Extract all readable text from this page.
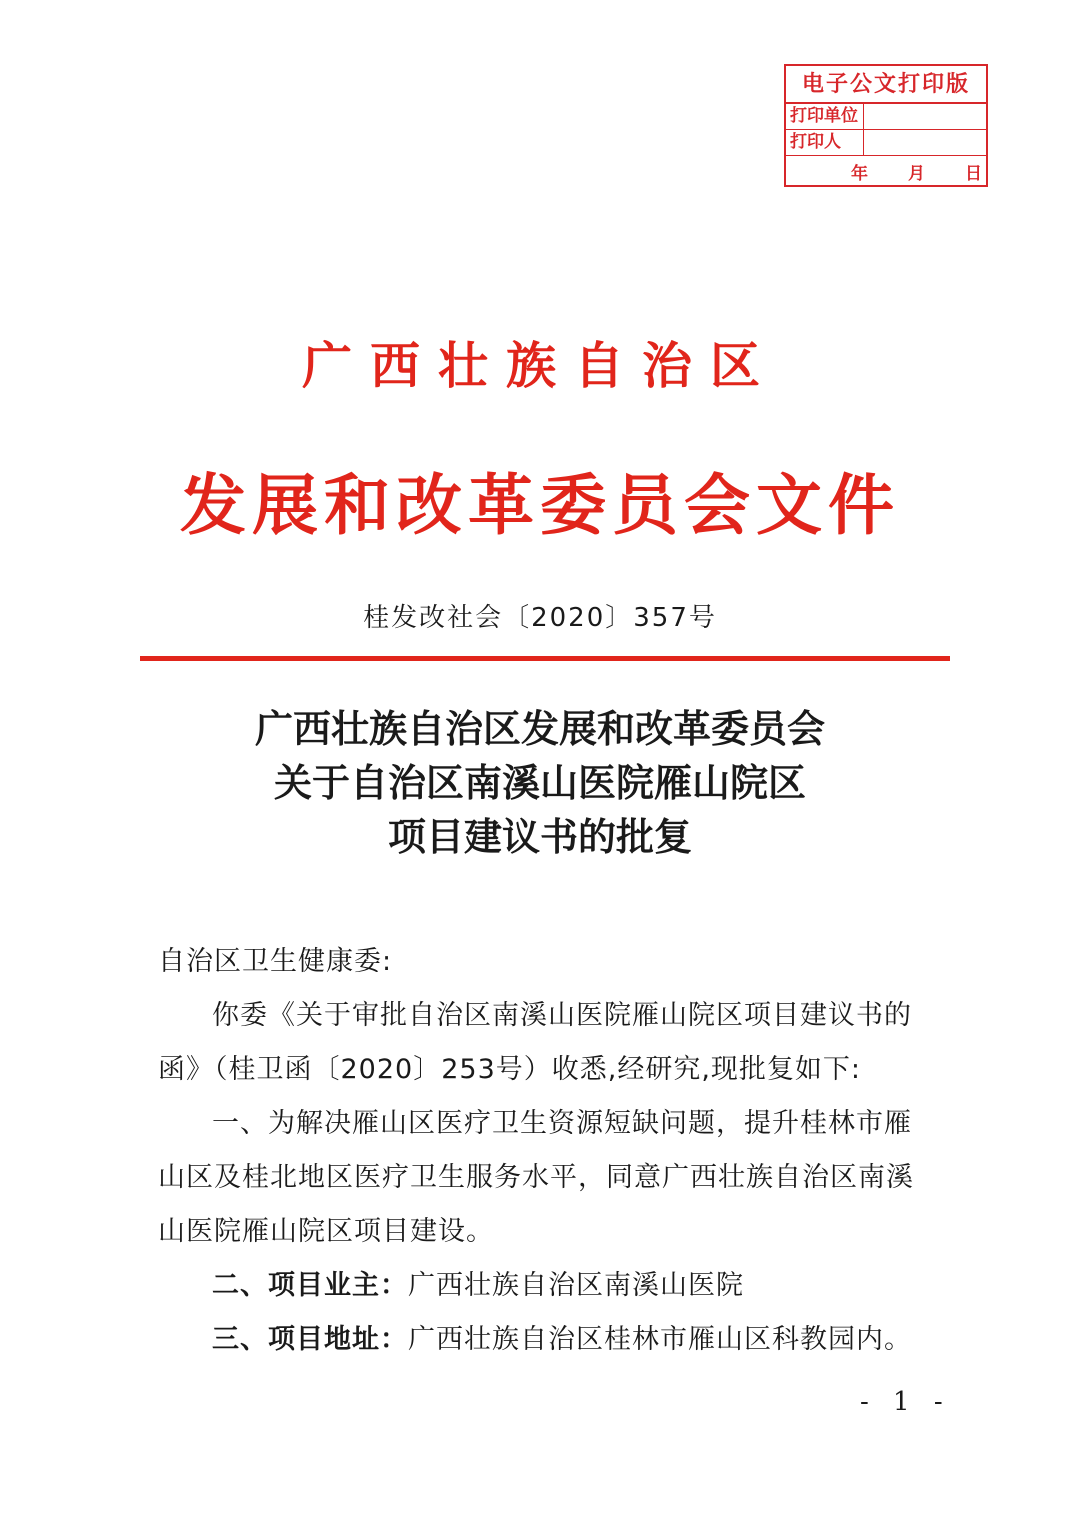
电子公文打印版
打印单位
打印人
年 月 日
广西壮族自治区
发展和改革委员会文件
桂发改社会〔2020〕357号
广西壮族自治区发展和改革委员会
关于自治区南溪山医院雁山院区
项目建议书的批复

自治区卫生健康委:

你委《关于审批自治区南溪山医院雁山院区项目建议书的函》（桂卫函〔2020〕253号）收悉,经研究,现批复如下:

一、为解决雁山区医疗卫生资源短缺问题，提升桂林市雁山区及桂北地区医疗卫生服务水平，同意广西壮族自治区南溪山医院雁山院区项目建设。

二、项目业主：广西壮族自治区南溪山医院

三、项目地址：广西壮族自治区桂林市雁山区科教园内。

- 1 -
